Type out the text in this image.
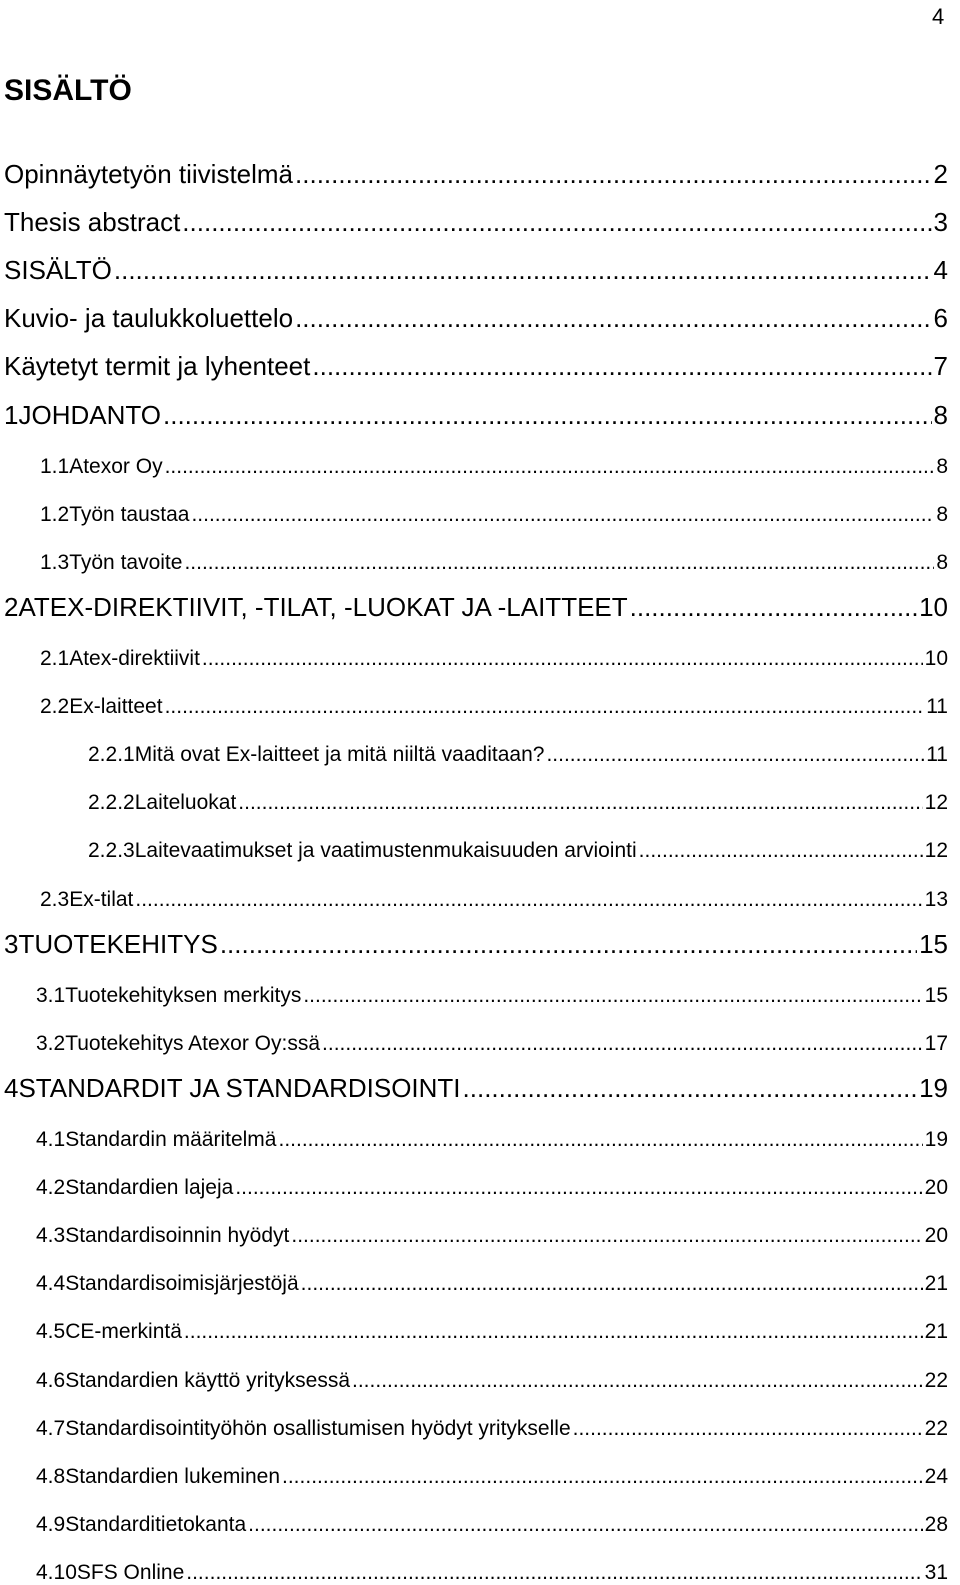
4
SISÄLTÖ
Opinnäytetyön tiivistelmä .....	2
Thesis abstract .....	3
SISÄLTÖ .....	4
Kuvio- ja taulukkoluettelo .....	6
Käytetyt termit ja lyhenteet .....	7
1 JOHDANTO .....	8
1.1 Atexor Oy .....	8
1.2 Työn taustaa .....	8
1.3 Työn tavoite .....	8
2 ATEX-DIREKTIIVIT, -TILAT, -LUOKAT JA -LAITTEET .....	10
2.1 Atex-direktiivit .....	10
2.2 Ex-laitteet .....	11
2.2.1 Mitä ovat Ex-laitteet ja mitä niiltä vaaditaan? .....	11
2.2.2 Laiteluokat .....	12
2.2.3 Laitevaatimukset ja vaatimustenmukaisuuden arviointi .....	12
2.3 Ex-tilat .....	13
3 TUOTEKEHITYS .....	15
3.1 Tuotekehityksen merkitys .....	15
3.2 Tuotekehitys Atexor Oy:ssä .....	17
4 STANDARDIT JA STANDARDISOINTI .....	19
4.1 Standardin määritelmä .....	19
4.2 Standardien lajeja .....	20
4.3 Standardisoinnin hyödyt .....	20
4.4 Standardisoimisjärjestöjä .....	21
4.5 CE-merkintä .....	21
4.6 Standardien käyttö yrityksessä .....	22
4.7 Standardisointityöhön osallistumisen hyödyt yritykselle .....	22
4.8 Standardien lukeminen .....	24
4.9 Standarditietokanta .....	28
4.10 SFS Online .....	31
